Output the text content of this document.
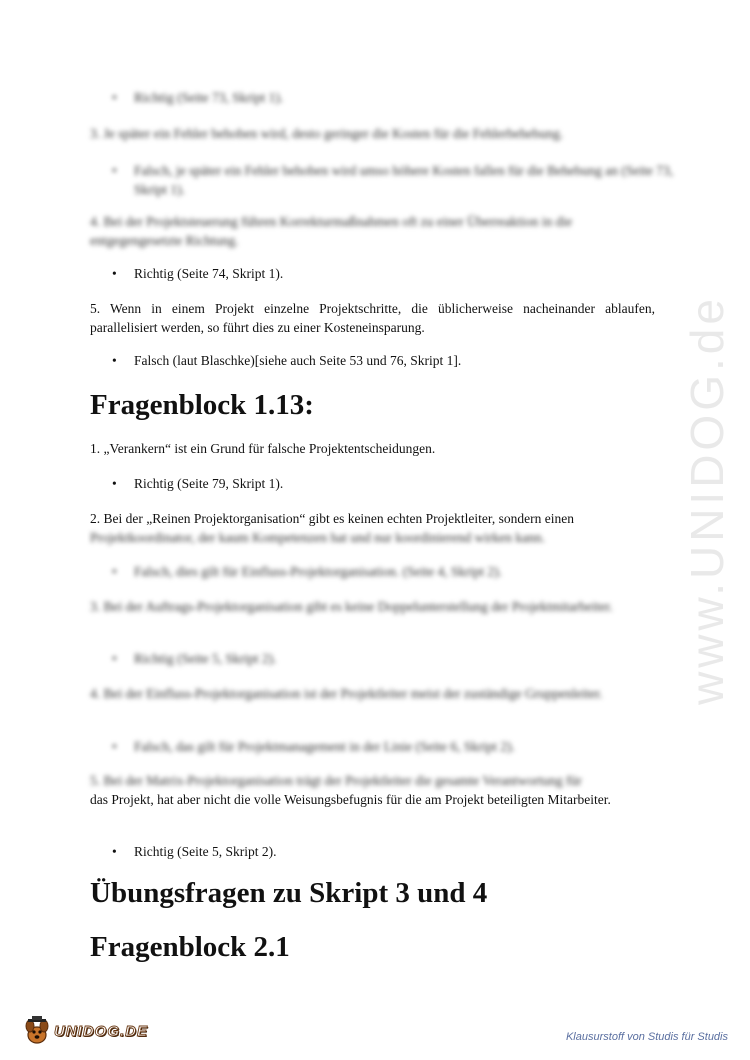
www.UNIDOG.de

• Richtig (Seite 73, Skript 1).

3. Je später ein Fehler behoben wird, desto geringer die Kosten für die Fehlerbehebung.

• Falsch, je später ein Fehler behoben wird umso höhere Kosten fallen für die Behebung an (Seite 73, Skript 1).

4. Bei der Projektsteuerung führen Korrekturmaßnahmen oft zu einer Überreaktion in die entgegengesetzte Richtung.

• Richtig (Seite 74, Skript 1).

5. Wenn in einem Projekt einzelne Projektschritte, die üblicherweise nacheinander ablaufen, parallelisiert werden, so führt dies zu einer Kosteneinsparung.

• Falsch (laut Blaschke)[siehe auch Seite 53 und 76, Skript 1].

Fragenblock 1.13:

1. „Verankern“ ist ein Grund für falsche Projektentscheidungen.

• Richtig (Seite 79, Skript 1).

2. Bei der „Reinen Projektorganisation“ gibt es keinen echten Projektleiter, sondern einen

Projektkoordinator, der kaum Kompetenzen hat und nur koordinierend wirken kann.

• Falsch, dies gilt für Einfluss-Projektorganisation. (Seite 4, Skript 2).

3. Bei der Auftrags-Projektorganisation gibt es keine Doppelunterstellung der Projektmitarbeiter.

• Richtig (Seite 5, Skript 2).

4. Bei der Einfluss-Projektorganisation ist der Projektleiter meist der zuständige Gruppenleiter.

• Falsch, das gilt für Projektmanagement in der Linie (Seite 6, Skript 2).

5. Bei der Matrix-Projektorganisation trägt der Projektleiter die gesamte Verantwortung für

das Projekt, hat aber nicht die volle Weisungsbefugnis für die am Projekt beteiligten Mitarbeiter.

• Richtig (Seite 5, Skript 2).

Übungsfragen zu Skript 3 und 4
Fragenblock 2.1
UNIDOG.DE	Klausurstoff von Studis für Studis
